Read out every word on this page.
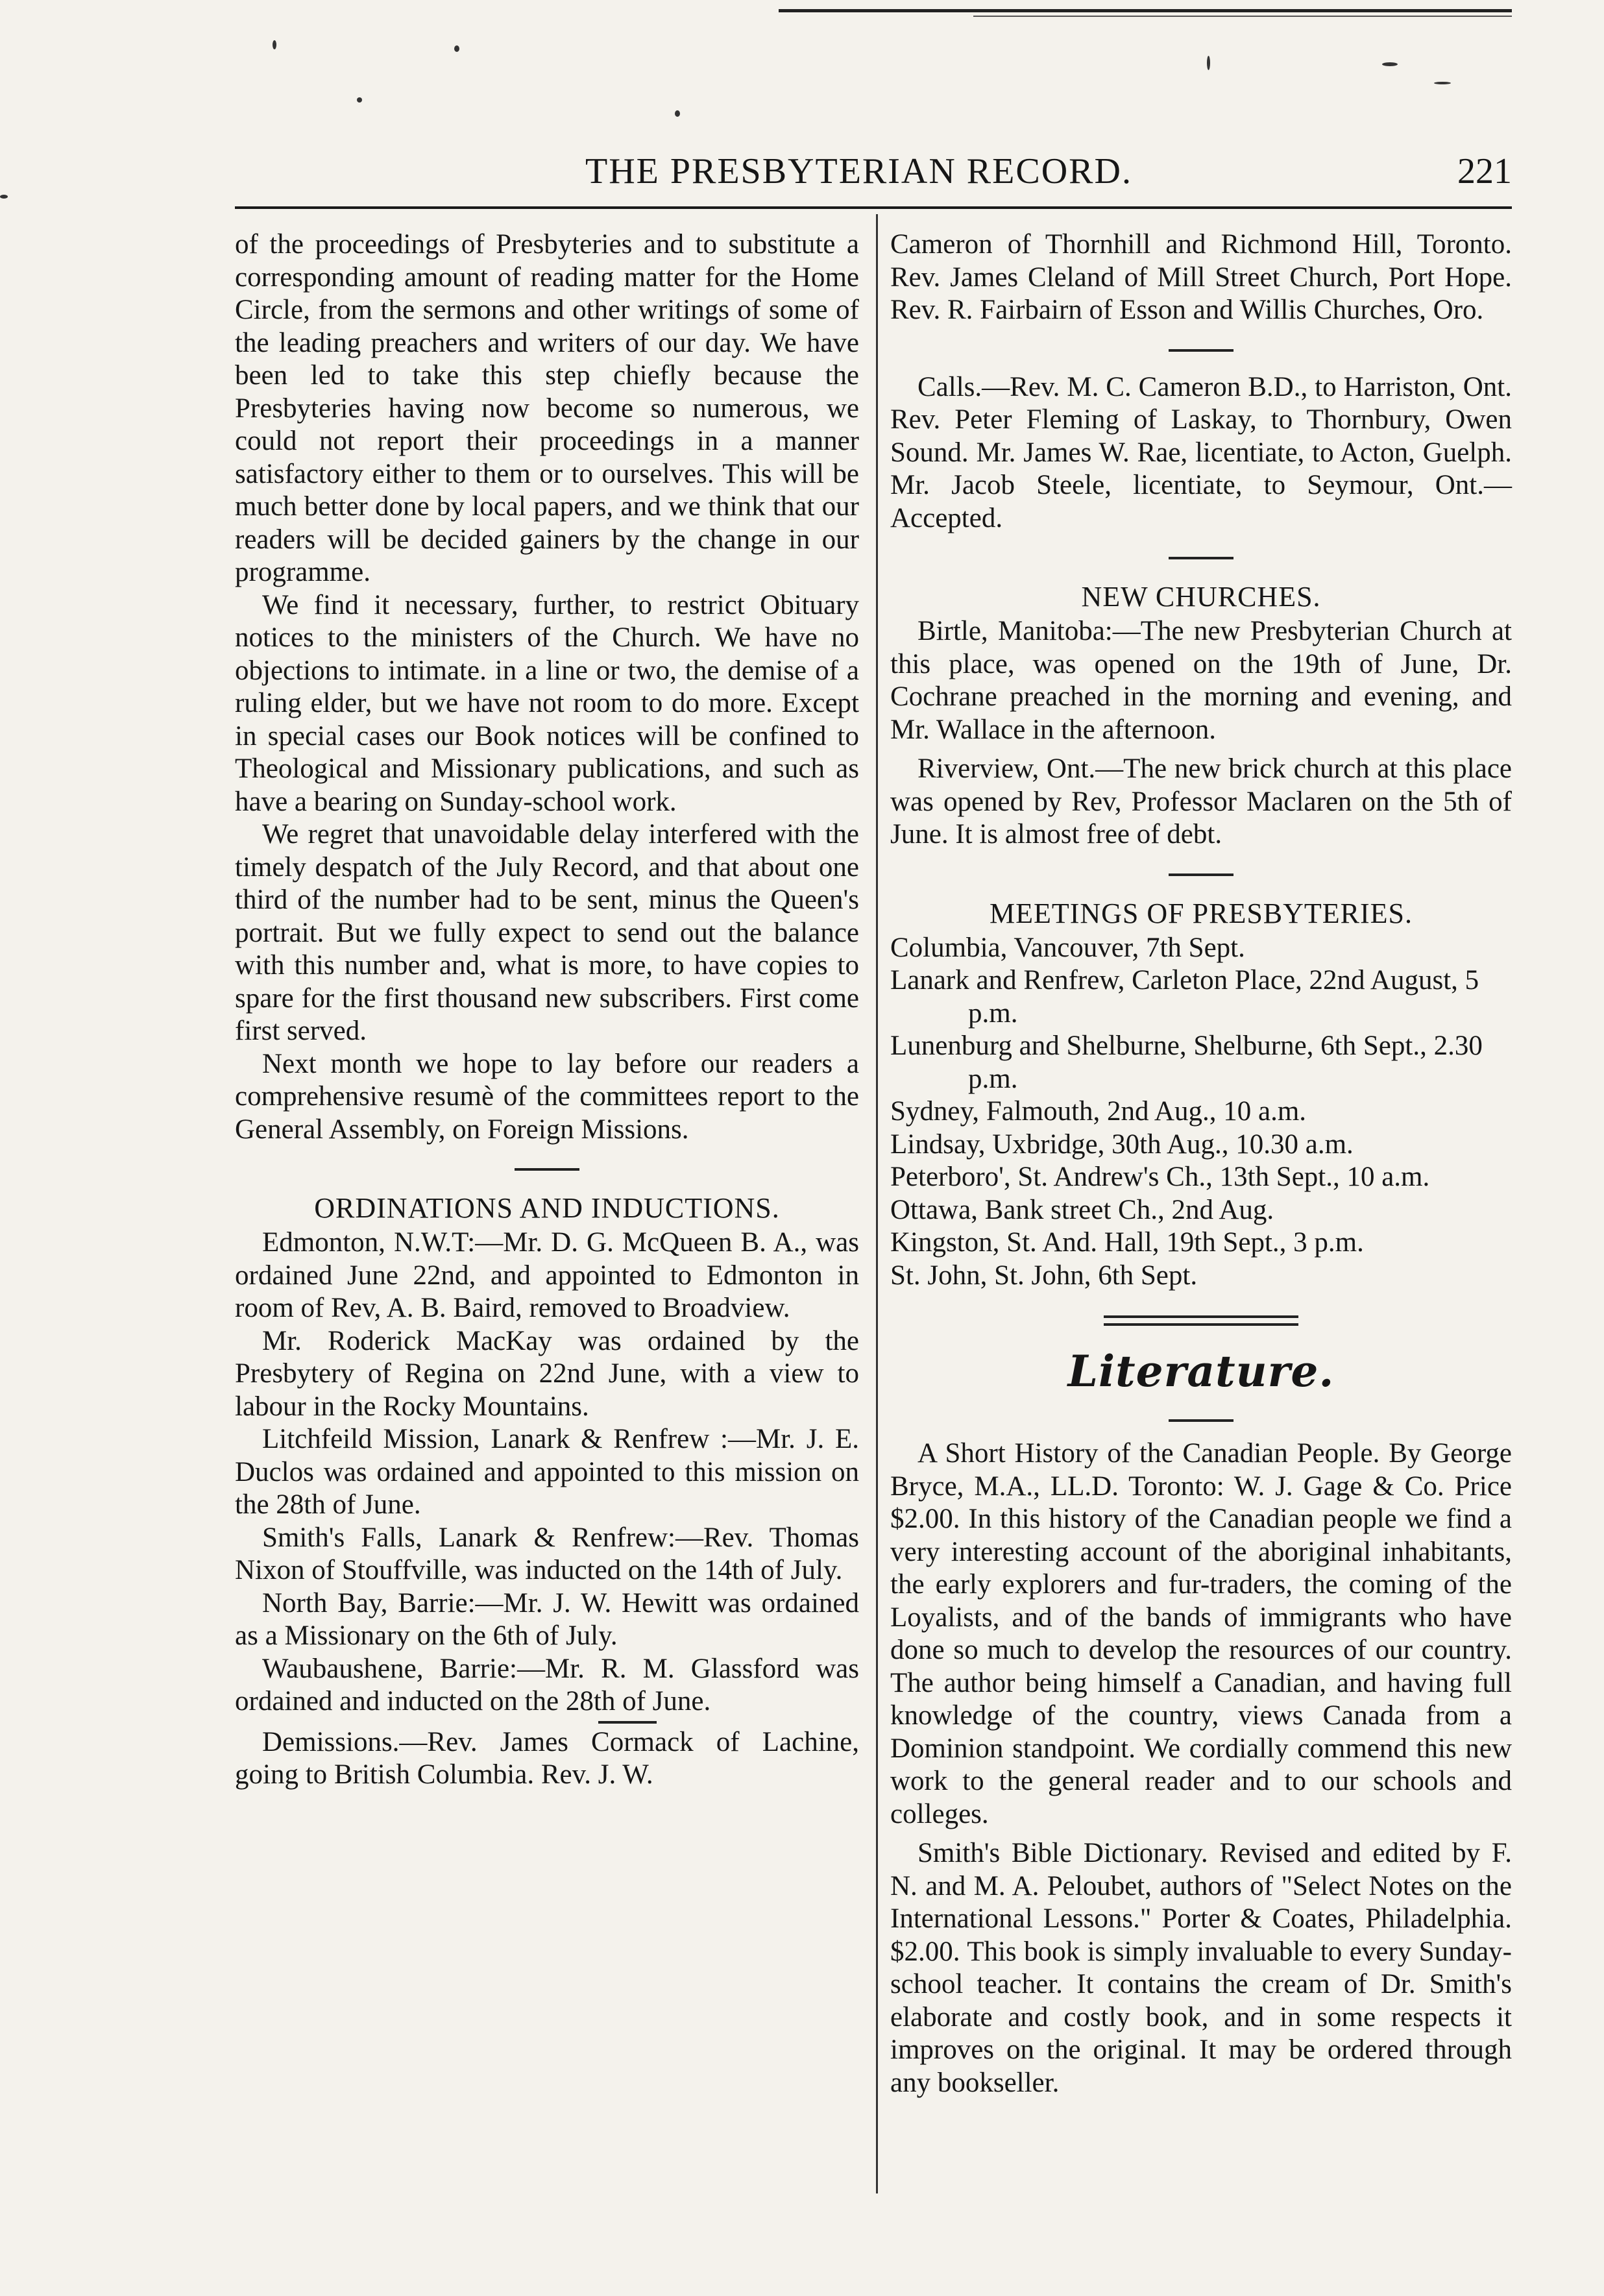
THE PRESBYTERIAN RECORD.	221

of the proceedings of Presbyteries and to substitute a corresponding amount of reading matter for the Home Circle, from the sermons and other writings of some of the leading preachers and writers of our day. We have been led to take this step chiefly because the Presbyteries having now become so numerous, we could not report their proceedings in a manner satisfactory either to them or to ourselves. This will be much better done by local papers, and we think that our readers will be decided gainers by the change in our programme.

We find it necessary, further, to restrict Obituary notices to the ministers of the Church. We have no objections to intimate. in a line or two, the demise of a ruling elder, but we have not room to do more. Except in special cases our Book notices will be confined to Theological and Missionary publications, and such as have a bearing on Sunday-school work.

We regret that unavoidable delay interfered with the timely despatch of the July Record, and that about one third of the number had to be sent, minus the Queen's portrait. But we fully expect to send out the balance with this number and, what is more, to have copies to spare for the first thousand new subscribers. First come first served.

Next month we hope to lay before our readers a comprehensive resumè of the committees report to the General Assembly, on Foreign Missions.

ORDINATIONS AND INDUCTIONS.

Edmonton, N.W.T:—Mr. D. G. McQueen B. A., was ordained June 22nd, and appointed to Edmonton in room of Rev, A. B. Baird, removed to Broadview.

Mr. Roderick MacKay was ordained by the Presbytery of Regina on 22nd June, with a view to labour in the Rocky Mountains.

Litchfeild Mission, Lanark & Renfrew :—Mr. J. E. Duclos was ordained and appointed to this mission on the 28th of June.

Smith's Falls, Lanark & Renfrew:—Rev. Thomas Nixon of Stouffville, was inducted on the 14th of July.

North Bay, Barrie:—Mr. J. W. Hewitt was ordained as a Missionary on the 6th of July.

Waubaushene, Barrie:—Mr. R. M. Glassford was ordained and inducted on the 28th of June.

Demissions.—Rev. James Cormack of Lachine, going to British Columbia. Rev. J. W.

Cameron of Thornhill and Richmond Hill, Toronto. Rev. James Cleland of Mill Street Church, Port Hope. Rev. R. Fairbairn of Esson and Willis Churches, Oro.

Calls.—Rev. M. C. Cameron B.D., to Harriston, Ont. Rev. Peter Fleming of Laskay, to Thornbury, Owen Sound. Mr. James W. Rae, licentiate, to Acton, Guelph. Mr. Jacob Steele, licentiate, to Seymour, Ont.—Accepted.

NEW CHURCHES.

Birtle, Manitoba:—The new Presbyterian Church at this place, was opened on the 19th of June, Dr. Cochrane preached in the morning and evening, and Mr. Wallace in the afternoon.

Riverview, Ont.—The new brick church at this place was opened by Rev, Professor Maclaren on the 5th of June. It is almost free of debt.

MEETINGS OF PRESBYTERIES.

Columbia, Vancouver, 7th Sept.

Lanark and Renfrew, Carleton Place, 22nd August, 5 p.m.

Lunenburg and Shelburne, Shelburne, 6th Sept., 2.30 p.m.

Sydney, Falmouth, 2nd Aug., 10 a.m.

Lindsay, Uxbridge, 30th Aug., 10.30 a.m.

Peterboro', St. Andrew's Ch., 13th Sept., 10 a.m.

Ottawa, Bank street Ch., 2nd Aug.

Kingston, St. And. Hall, 19th Sept., 3 p.m.

St. John, St. John, 6th Sept.

Literature.

A Short History of the Canadian People. By George Bryce, M.A., LL.D. Toronto: W. J. Gage & Co. Price $2.00. In this history of the Canadian people we find a very interesting account of the aboriginal inhabitants, the early explorers and fur-traders, the coming of the Loyalists, and of the bands of immigrants who have done so much to develop the resources of our country. The author being himself a Canadian, and having full knowledge of the country, views Canada from a Dominion standpoint. We cordially commend this new work to the general reader and to our schools and colleges.

Smith's Bible Dictionary. Revised and edited by F. N. and M. A. Peloubet, authors of "Select Notes on the International Lessons." Porter & Coates, Philadelphia. $2.00. This book is simply invaluable to every Sunday-school teacher. It contains the cream of Dr. Smith's elaborate and costly book, and in some respects it improves on the original. It may be ordered through any bookseller.
